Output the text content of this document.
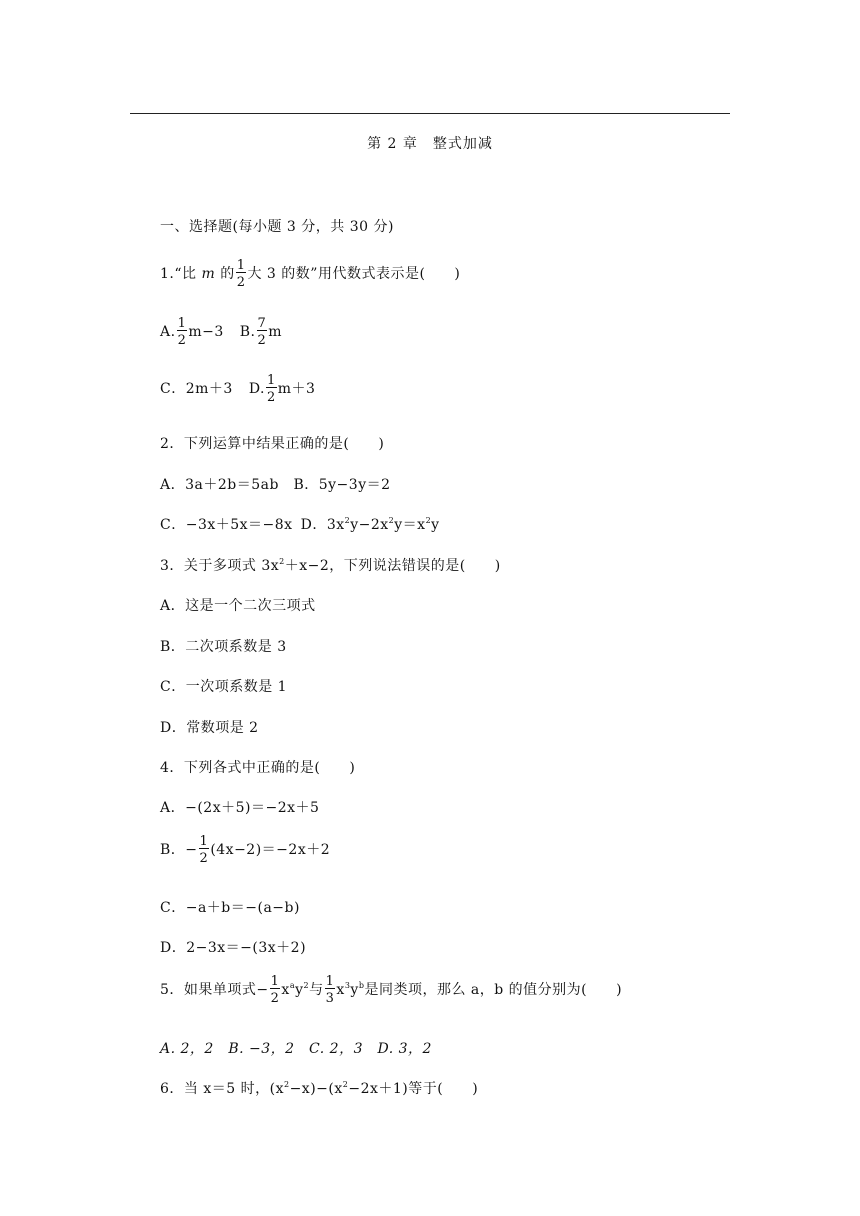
第 2 章　整式加减
一、选择题(每小题 3 分，共 30 分)
1.“比 m 的 $\frac{1}{2}$ 大 3 的数”用代数式表示是(　　)
A. $\frac{1}{2} m-3$ B. $\frac{7}{2}$ m
C．2m＋3 D. $\frac{1}{2} m+3$
2．下列运算中结果正确的是(　　)
A．3a＋2b＝5ab　B．5y−3y＝2
C．−3x＋5x＝−8x D．$3x^2y-2x^2y=x^2y$
3．关于多项式 $3x^2+x-2$，下列说法错误的是(　　)
A．这是一个二次三项式
B．二次项系数是 3
C．一次项系数是 1
D．常数项是 2
4．下列各式中正确的是(　　)
A．−(2x＋5)＝−2x＋5
B．− $\frac{1}{2} (4x-2)=-2x+2$
C．−a＋b＝−(a−b)
D．2−3x＝−(3x＋2)
5．如果单项式− $\frac{1}{2} x^ay^2$与 $\frac{1}{3} x^3y^b$是同类项，那么 a，b 的值分别为(　　)
A. 2，2　B. −3，2　C. 2，3　D. 3，2
6．当 x＝5 时，$(x^2-x)-(x^2-2x+1)$等于(　　)
